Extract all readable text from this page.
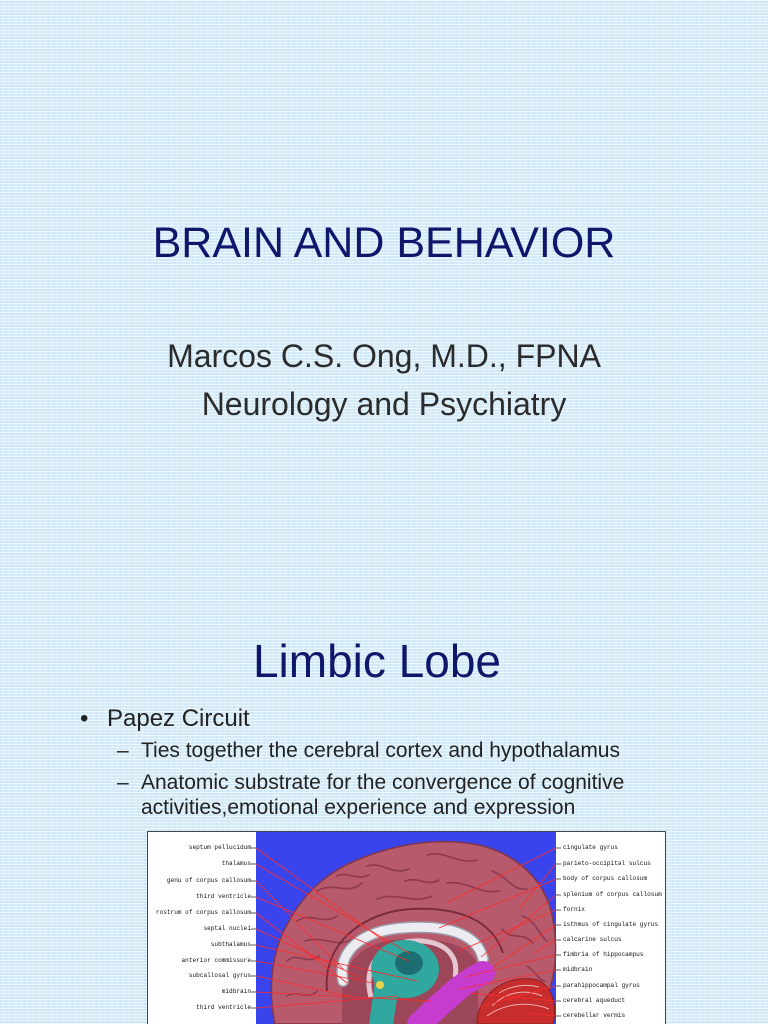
BRAIN AND BEHAVIOR
Marcos C.S. Ong, M.D., FPNA
Neurology and Psychiatry
Limbic Lobe
• Papez Circuit
– Ties together the cerebral cortex and hypothalamus
– Anatomic substrate for the convergence of cognitive activities,emotional experience and expression
septum pellucidum
thalamus
genu of corpus callosum
third ventricle
rostrum of corpus callosum
septal nuclei
subthalamus
anterior commissure
subcallosal gyrus
midbrain
third ventricle
cingulate gyrus
parieto-occipital sulcus
body of corpus callosum
splenium of corpus callosum
fornix
isthmus of cingulate gyrus
calcarine sulcus
fimbria of hippocampus
midbrain
parahippocampal gyrus
cerebral aqueduct
cerebellar vermis
